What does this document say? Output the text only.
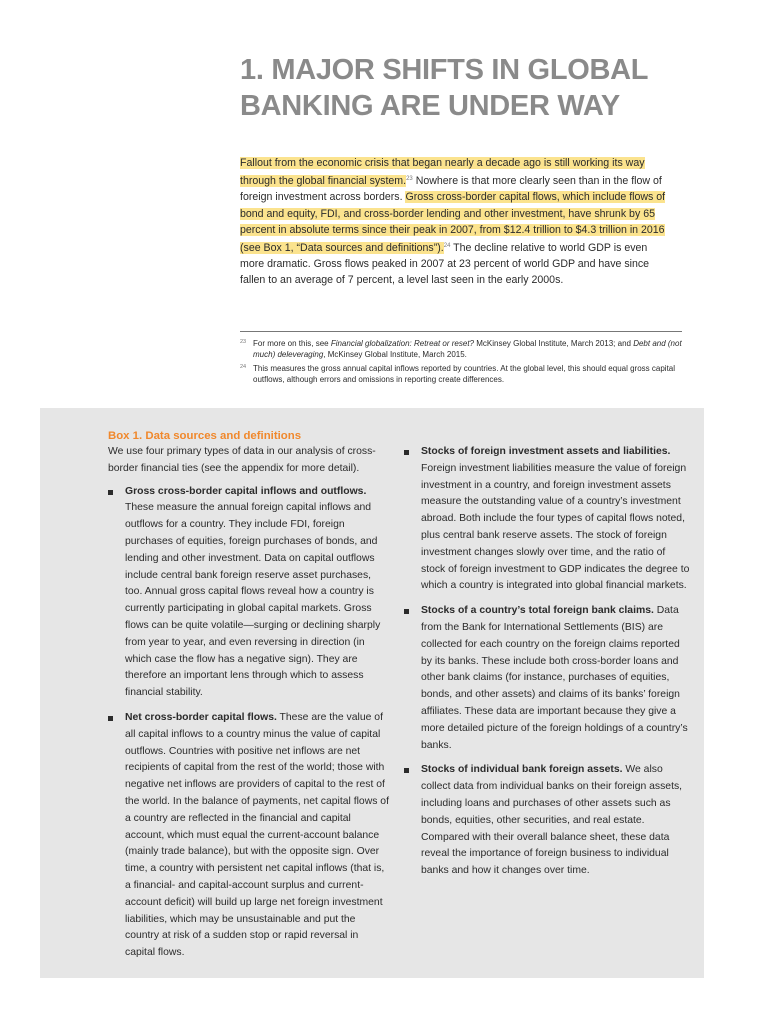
1. MAJOR SHIFTS IN GLOBAL
BANKING ARE UNDER WAY
Fallout from the economic crisis that began nearly a decade ago is still working its way through the global financial system.$^{23}$ Nowhere is that more clearly seen than in the flow of foreign investment across borders. Gross cross-border capital flows, which include flows of bond and equity, FDI, and cross-border lending and other investment, have shrunk by 65 percent in absolute terms since their peak in 2007, from $12.4 trillion to $4.3 trillion in 2016 (see Box 1, “Data sources and definitions”).$^{24}$ The decline relative to world GDP is even more dramatic. Gross flows peaked in 2007 at 23 percent of world GDP and have since fallen to an average of 7 percent, a level last seen in the early 2000s.
23 For more on this, see Financial globalization: Retreat or reset? McKinsey Global Institute, March 2013; and Debt and (not much) deleveraging, McKinsey Global Institute, March 2015.
24 This measures the gross annual capital inflows reported by countries. At the global level, this should equal gross capital outflows, although errors and omissions in reporting create differences.
Box 1. Data sources and definitions
We use four primary types of data in our analysis of cross-border financial ties (see the appendix for more detail).
Gross cross-border capital inflows and outflows. These measure the annual foreign capital inflows and outflows for a country. They include FDI, foreign purchases of equities, foreign purchases of bonds, and lending and other investment. Data on capital outflows include central bank foreign reserve asset purchases, too. Annual gross capital flows reveal how a country is currently participating in global capital markets. Gross flows can be quite volatile—surging or declining sharply from year to year, and even reversing in direction (in which case the flow has a negative sign). They are therefore an important lens through which to assess financial stability.
Net cross-border capital flows. These are the value of all capital inflows to a country minus the value of capital outflows. Countries with positive net inflows are net recipients of capital from the rest of the world; those with negative net inflows are providers of capital to the rest of the world. In the balance of payments, net capital flows of a country are reflected in the financial and capital account, which must equal the current-account balance (mainly trade balance), but with the opposite sign. Over time, a country with persistent net capital inflows (that is, a financial- and capital-account surplus and current-account deficit) will build up large net foreign investment liabilities, which may be unsustainable and put the country at risk of a sudden stop or rapid reversal in capital flows.
Stocks of foreign investment assets and liabilities. Foreign investment liabilities measure the value of foreign investment in a country, and foreign investment assets measure the outstanding value of a country’s investment abroad. Both include the four types of capital flows noted, plus central bank reserve assets. The stock of foreign investment changes slowly over time, and the ratio of stock of foreign investment to GDP indicates the degree to which a country is integrated into global financial markets.
Stocks of a country’s total foreign bank claims. Data from the Bank for International Settlements (BIS) are collected for each country on the foreign claims reported by its banks. These include both cross-border loans and other bank claims (for instance, purchases of equities, bonds, and other assets) and claims of its banks’ foreign affiliates. These data are important because they give a more detailed picture of the foreign holdings of a country’s banks.
Stocks of individual bank foreign assets. We also collect data from individual banks on their foreign assets, including loans and purchases of other assets such as bonds, equities, other securities, and real estate. Compared with their overall balance sheet, these data reveal the importance of foreign business to individual banks and how it changes over time.
